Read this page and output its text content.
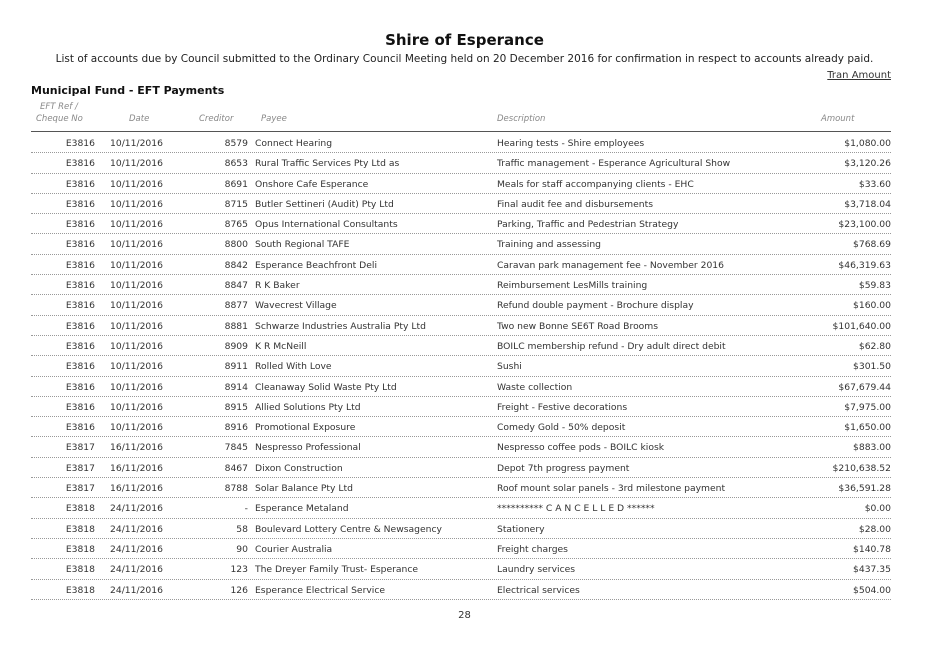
Shire of Esperance
List of accounts due by Council submitted to the Ordinary Council Meeting held on 20 December 2016 for confirmation in respect to accounts already paid.
Tran Amount
Municipal Fund - EFT Payments
EFT Ref /
Cheque No	Date	Creditor	Payee	Description	Amount
E3816 10/11/2016	8579 Connect Hearing	Hearing tests - Shire employees	$1,080.00
E3816 10/11/2016	8653 Rural Traffic Services Pty Ltd as	Traffic management - Esperance Agricultural Show	$3,120.26
E3816 10/11/2016	8691 Onshore Cafe Esperance	Meals for staff accompanying clients - EHC	$33.60
E3816 10/11/2016	8715 Butler Settineri (Audit) Pty Ltd	Final audit fee and disbursements	$3,718.04
E3816 10/11/2016	8765 Opus International Consultants	Parking, Traffic and Pedestrian Strategy	$23,100.00
E3816 10/11/2016	8800 South Regional TAFE	Training and assessing	$768.69
E3816 10/11/2016	8842 Esperance Beachfront Deli	Caravan park management fee - November 2016	$46,319.63
E3816 10/11/2016	8847 R K Baker	Reimbursement LesMills training	$59.83
E3816 10/11/2016	8877 Wavecrest Village	Refund double payment - Brochure display	$160.00
E3816 10/11/2016	8881 Schwarze Industries Australia Pty Ltd	Two new Bonne SE6T Road Brooms	$101,640.00
E3816 10/11/2016	8909 K R McNeill	BOILC membership refund - Dry adult direct debit	$62.80
E3816 10/11/2016	8911 Rolled With Love	Sushi	$301.50
E3816 10/11/2016	8914 Cleanaway Solid Waste Pty Ltd	Waste collection	$67,679.44
E3816 10/11/2016	8915 Allied Solutions Pty Ltd	Freight - Festive decorations	$7,975.00
E3816 10/11/2016	8916 Promotional Exposure	Comedy Gold - 50% deposit	$1,650.00
E3817 16/11/2016	7845 Nespresso Professional	Nespresso coffee pods - BOILC kiosk	$883.00
E3817 16/11/2016	8467 Dixon Construction	Depot 7th progress payment	$210,638.52
E3817 16/11/2016	8788 Solar Balance Pty Ltd	Roof mount solar panels - 3rd milestone payment	$36,591.28
E3818 24/11/2016	- Esperance Metaland	********** C A N C E L L E D ******	$0.00
E3818 24/11/2016	58 Boulevard Lottery Centre & Newsagency	Stationery	$28.00
E3818 24/11/2016	90 Courier Australia	Freight charges	$140.78
E3818 24/11/2016	123 The Dreyer Family Trust- Esperance	Laundry services	$437.35
E3818 24/11/2016	126 Esperance Electrical Service	Electrical services	$504.00
28
